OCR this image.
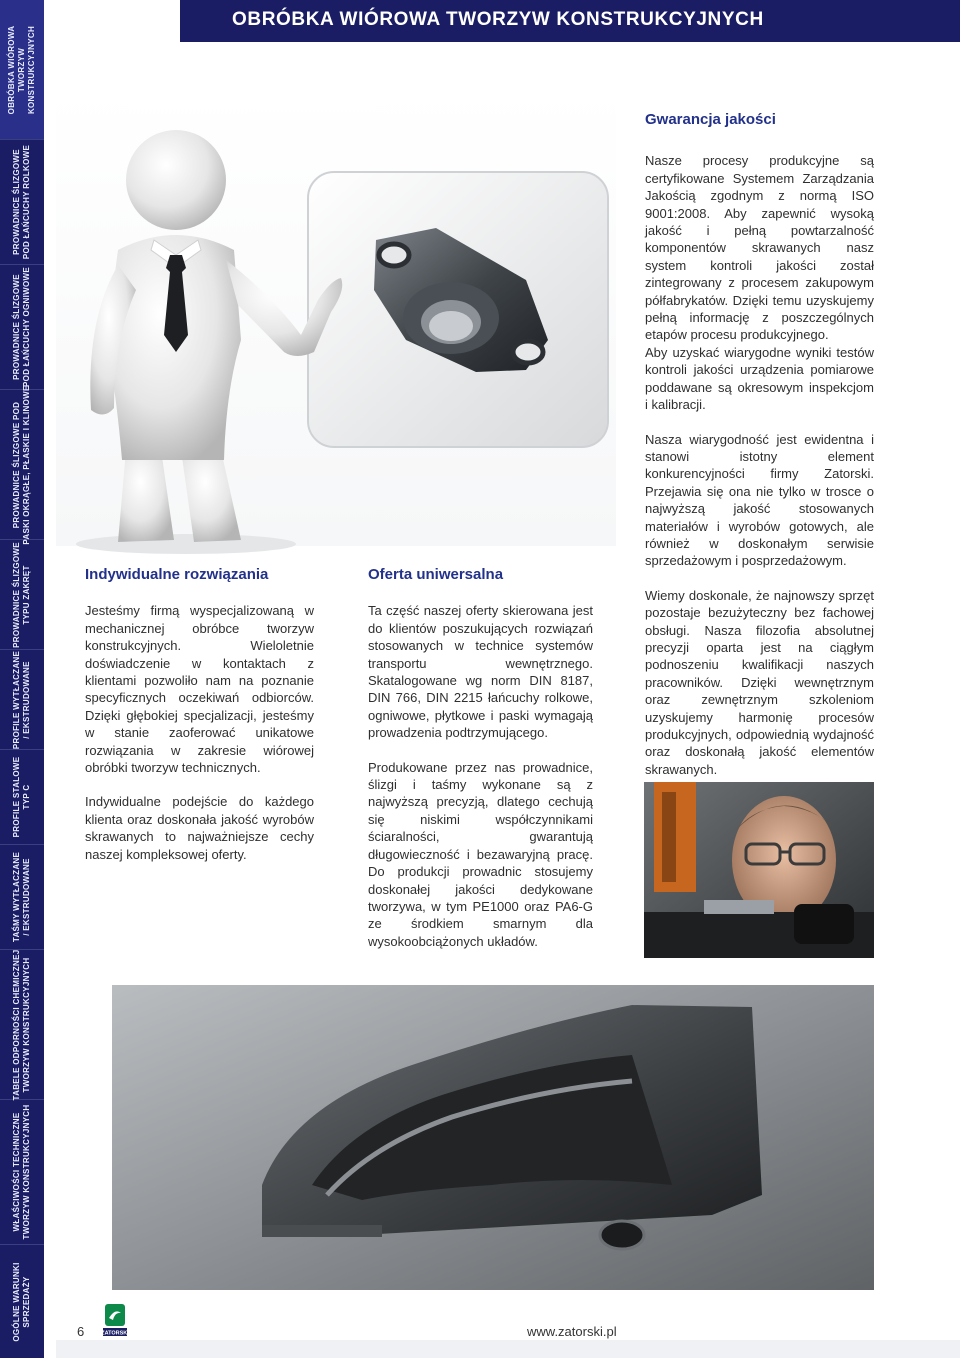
OBRÓBKA WIÓROWA TWORZYW KONSTRUKCYJNYCH
PROWADNICE ŚLIZGOWE POD ŁAŃCUCHY ROLKOWE
PROWADNICE ŚLIZGOWE POD ŁAŃCUCHY OGNIWOWE
PROWADNICE ŚLIZGOWE POD PASKI OKRĄGŁE, PŁASKIE I KLINOWE
PROWADNICE ŚLIZGOWE TYPU ZAKRĘT
PROFILE WYTŁACZANE / EKSTRUDOWANE
PROFILE STALOWE TYP C
TAŚMY WYTŁACZANE / EKSTRUDOWANE
TABELE ODPORNOŚCI CHEMICZNEJ TWORZYW KONSTRUKCYJNYCH
WŁAŚCIWOŚCI TECHNICZNE TWORZYW KONSTRUKCYJNYCH
OGÓLNE WARUNKI SPRZEDAŻY
OBRÓBKA WIÓROWA TWORZYW KONSTRUKCYJNYCH
Indywidualne rozwiązania

Jesteśmy firmą wyspecjalizowaną w mechanicznej obróbce tworzyw konstrukcyjnych. Wieloletnie doświadczenie w kontaktach z klientami pozwoliło nam na poznanie specyficznych oczekiwań odbiorców. Dzięki głębokiej specjalizacji, jesteśmy w stanie zaoferować unikatowe rozwiązania w zakresie wiórowej obróbki tworzyw technicznych.

Indywidualne podejście do każdego klienta oraz doskonała jakość wyrobów skrawanych to najważniejsze cechy naszej kompleksowej oferty.

Oferta uniwersalna

Ta część naszej oferty skierowana jest do klientów poszukujących rozwiązań stosowanych w technice systemów transportu wewnętrznego. Skatalogowane wg norm DIN 8187, DIN 766, DIN 2215 łańcuchy rolkowe, ogniwowe, płytkowe i paski wymagają prowadzenia podtrzymującego.

Produkowane przez nas prowadnice, ślizgi i taśmy wykonane są z najwyższą precyzją, dlatego cechują się niskimi współczynnikami ściaralności, gwarantują długowieczność i bezawaryjną pracę. Do produkcji prowadnic stosujemy doskonałej jakości dedykowane tworzywa, w tym PE1000 oraz PA6-G ze środkiem smarnym dla wysokoobciążonych układów.

Gwarancja jakości

Nasze procesy produkcyjne są certyfikowane Systemem Zarządzania Jakością zgodnym z normą ISO 9001:2008. Aby zapewnić wysoką jakość i pełną powtarzalność komponentów skrawanych nasz system kontroli jakości został zintegrowany z procesem zakupowym półfabrykatów. Dzięki temu uzyskujemy pełną informację z poszczególnych etapów procesu produkcyjnego.

Aby uzyskać wiarygodne wyniki testów kontroli jakości urządzenia pomiarowe poddawane są okresowym inspekcjom i kalibracji.

Nasza wiarygodność jest ewidentna i stanowi istotny element konkurencyjności firmy Zatorski. Przejawia się ona nie tylko w trosce o najwyższą jakość stosowanych materiałów i wyrobów gotowych, ale również w doskonałym serwisie sprzedażowym i posprzedażowym.

Wiemy doskonale, że najnowszy sprzęt pozostaje bezużyteczny bez fachowej obsługi. Nasza filozofia absolutnej precyzji oparta jest na ciągłym podnoszeniu kwalifikacji naszych pracowników. Dzięki wewnętrznym oraz zewnętrznym szkoleniom uzyskujemy harmonię procesów produkcyjnych, odpowiednią wydajność oraz doskonałą jakość elementów skrawanych.

6	ZATORSKI	www.zatorski.pl
